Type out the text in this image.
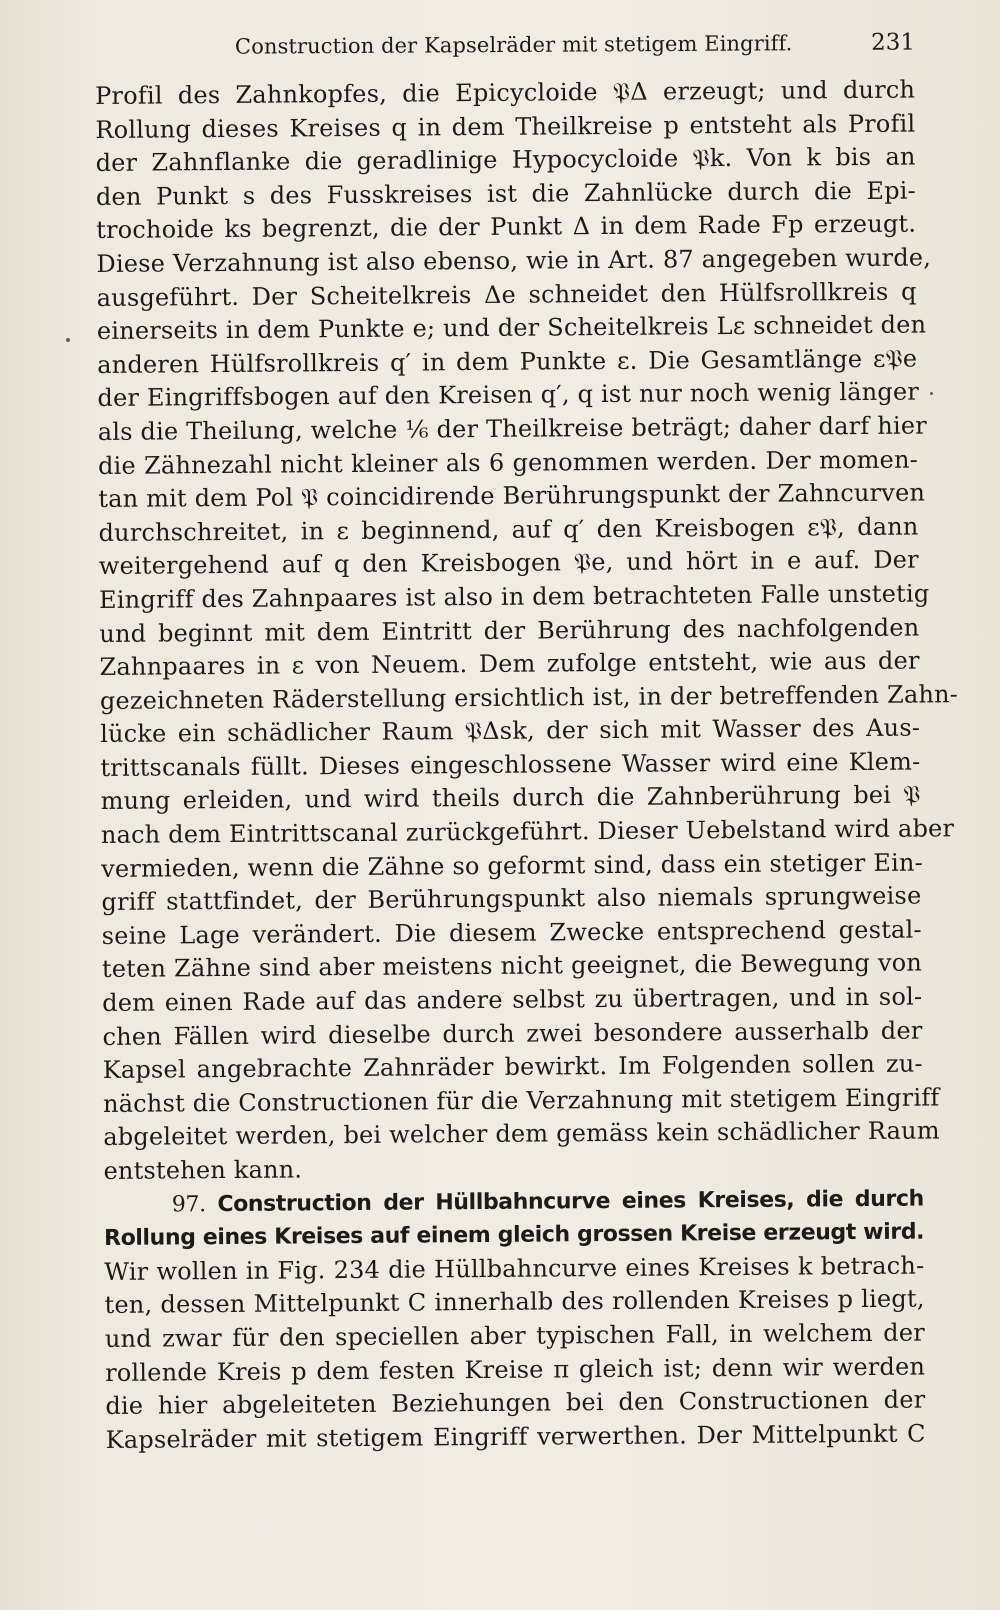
Construction der Kapselräder mit stetigem Eingriff.	231
Profil des Zahnkopfes, die Epicycloide 𝔓Δ erzeugt; und durch
Rollung dieses Kreises q in dem Theilkreise p entsteht als Profil
der Zahnflanke die geradlinige Hypocycloide 𝔓k. Von k bis an
den Punkt s des Fusskreises ist die Zahnlücke durch die Epi-
trochoide ks begrenzt, die der Punkt Δ in dem Rade Fp erzeugt.
Diese Verzahnung ist also ebenso, wie in Art. 87 angegeben wurde,
ausgeführt. Der Scheitelkreis Δe schneidet den Hülfsrollkreis q
einerseits in dem Punkte e; und der Scheitelkreis Lε schneidet den
anderen Hülfsrollkreis q′ in dem Punkte ε. Die Gesamtlänge ε𝔓e
der Eingriffsbogen auf den Kreisen q′, q ist nur noch wenig länger
als die Theilung, welche ⅙ der Theilkreise beträgt; daher darf hier
die Zähnezahl nicht kleiner als 6 genommen werden. Der momen-
tan mit dem Pol 𝔓 coincidirende Berührungspunkt der Zahncurven
durchschreitet, in ε beginnend, auf q′ den Kreisbogen ε𝔓, dann
weitergehend auf q den Kreisbogen 𝔓e, und hört in e auf. Der
Eingriff des Zahnpaares ist also in dem betrachteten Falle unstetig
und beginnt mit dem Eintritt der Berührung des nachfolgenden
Zahnpaares in ε von Neuem. Dem zufolge entsteht, wie aus der
gezeichneten Räderstellung ersichtlich ist, in der betreffenden Zahn-
lücke ein schädlicher Raum 𝔓Δsk, der sich mit Wasser des Aus-
trittscanals füllt. Dieses eingeschlossene Wasser wird eine Klem-
mung erleiden, und wird theils durch die Zahnberührung bei 𝔓
nach dem Eintrittscanal zurückgeführt. Dieser Uebelstand wird aber
vermieden, wenn die Zähne so geformt sind, dass ein stetiger Ein-
griff stattfindet, der Berührungspunkt also niemals sprungweise
seine Lage verändert. Die diesem Zwecke entsprechend gestal-
teten Zähne sind aber meistens nicht geeignet, die Bewegung von
dem einen Rade auf das andere selbst zu übertragen, und in sol-
chen Fällen wird dieselbe durch zwei besondere ausserhalb der
Kapsel angebrachte Zahnräder bewirkt. Im Folgenden sollen zu-
nächst die Constructionen für die Verzahnung mit stetigem Eingriff
abgeleitet werden, bei welcher dem gemäss kein schädlicher Raum
entstehen kann.
97. Construction der Hüllbahncurve eines Kreises, die durch
Rollung eines Kreises auf einem gleich grossen Kreise erzeugt wird.
Wir wollen in Fig. 234 die Hüllbahncurve eines Kreises k betrach-
ten, dessen Mittelpunkt C innerhalb des rollenden Kreises p liegt,
und zwar für den speciellen aber typischen Fall, in welchem der
rollende Kreis p dem festen Kreise π gleich ist; denn wir werden
die hier abgeleiteten Beziehungen bei den Constructionen der
Kapselräder mit stetigem Eingriff verwerthen. Der Mittelpunkt C
